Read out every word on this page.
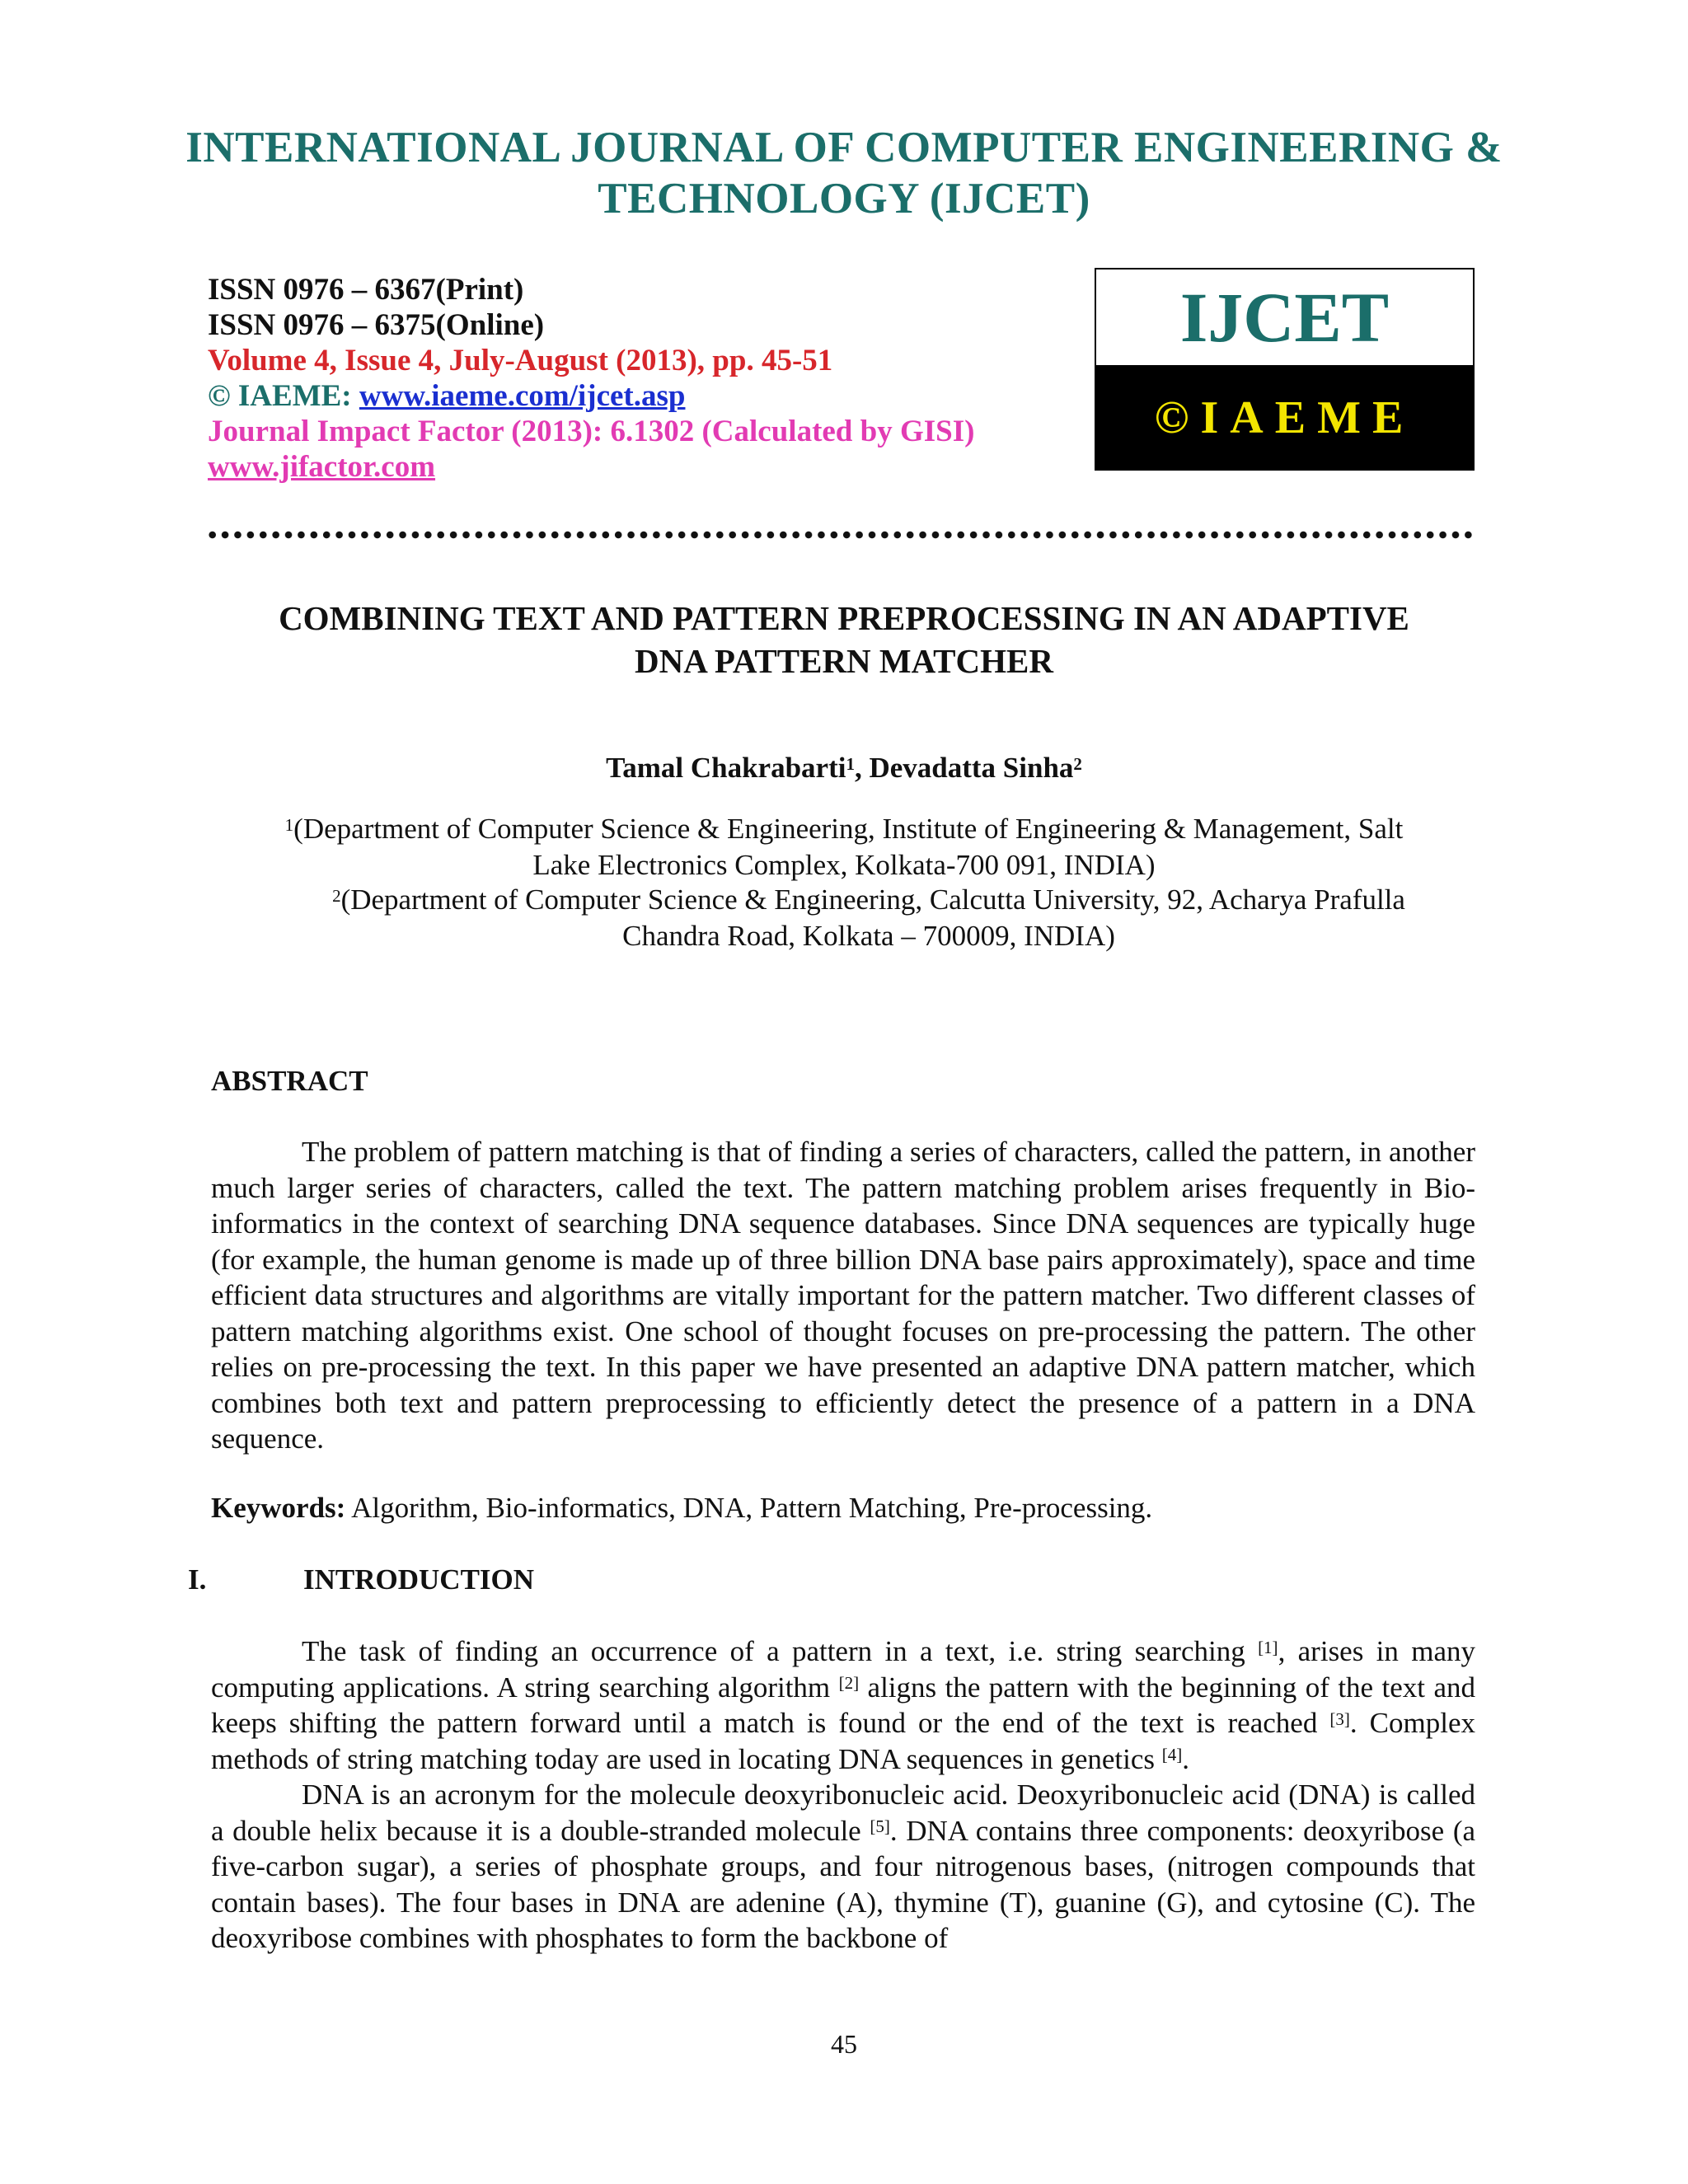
INTERNATIONAL JOURNAL OF COMPUTER ENGINEERING &
TECHNOLOGY (IJCET)
ISSN 0976 – 6367(Print)
ISSN 0976 – 6375(Online)
Volume 4, Issue 4, July-August (2013), pp. 45-51
© IAEME: www.iaeme.com/ijcet.asp
Journal Impact Factor (2013): 6.1302 (Calculated by GISI)
www.jifactor.com
IJCET
©IAEME
COMBINING TEXT AND PATTERN PREPROCESSING IN AN ADAPTIVE
DNA PATTERN MATCHER
Tamal Chakrabarti$^1$, Devadatta Sinha$^2$
$^1$(Department of Computer Science & Engineering, Institute of Engineering & Management, Salt
Lake Electronics Complex, Kolkata-700 091, INDIA)
$^2$(Department of Computer Science & Engineering, Calcutta University, 92, Acharya Prafulla
Chandra Road, Kolkata – 700009, INDIA)
ABSTRACT
The problem of pattern matching is that of finding a series of characters, called the pattern, in another much larger series of characters, called the text. The pattern matching problem arises frequently in Bio-informatics in the context of searching DNA sequence databases. Since DNA sequences are typically huge (for example, the human genome is made up of three billion DNA base pairs approximately), space and time efficient data structures and algorithms are vitally important for the pattern matcher. Two different classes of pattern matching algorithms exist. One school of thought focuses on pre-processing the pattern. The other relies on pre-processing the text. In this paper we have presented an adaptive DNA pattern matcher, which combines both text and pattern preprocessing to efficiently detect the presence of a pattern in a DNA sequence.
Keywords: Algorithm, Bio-informatics, DNA, Pattern Matching, Pre-processing.
I.	INTRODUCTION
The task of finding an occurrence of a pattern in a text, i.e. string searching [1], arises in many computing applications. A string searching algorithm [2] aligns the pattern with the beginning of the text and keeps shifting the pattern forward until a match is found or the end of the text is reached [3]. Complex methods of string matching today are used in locating DNA sequences in genetics [4].
DNA is an acronym for the molecule deoxyribonucleic acid. Deoxyribonucleic acid (DNA) is called a double helix because it is a double-stranded molecule [5]. DNA contains three components: deoxyribose (a five-carbon sugar), a series of phosphate groups, and four nitrogenous bases, (nitrogen compounds that contain bases). The four bases in DNA are adenine (A), thymine (T), guanine (G), and cytosine (C). The deoxyribose combines with phosphates to form the backbone of
45
